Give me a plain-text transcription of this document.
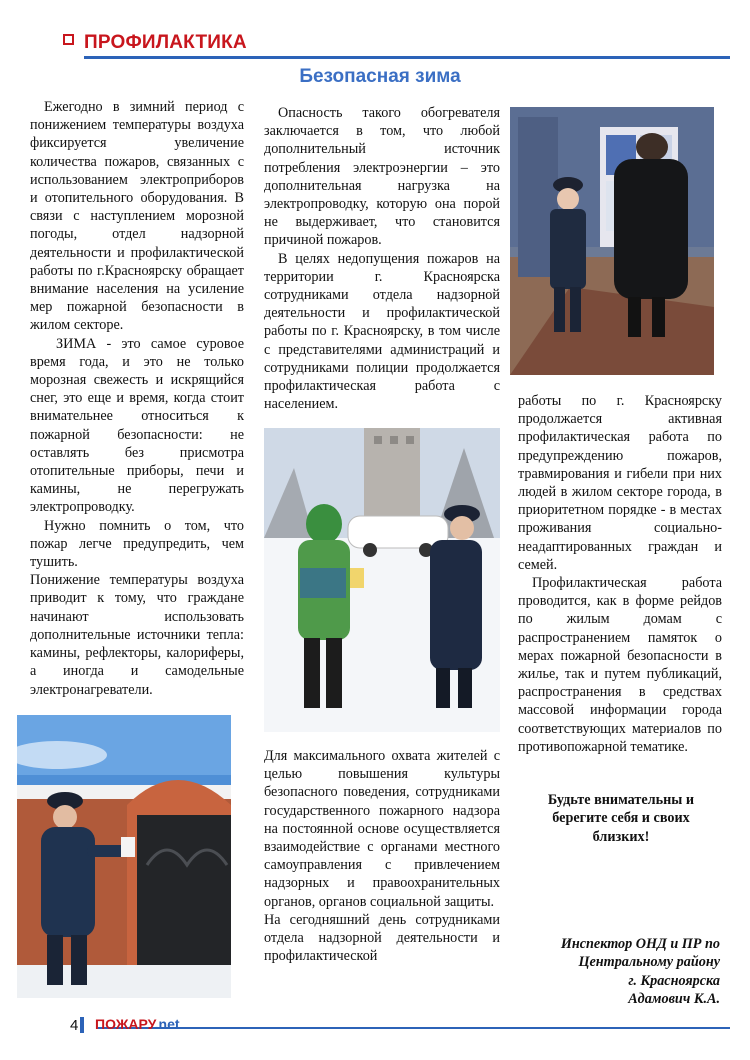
ПРОФИЛАКТИКА
Безопасная зима

Ежегодно в зимний период с понижением температуры воздуха фиксируется увеличение количества пожаров, связанных с использованием электроприборов и отопительного оборудования. В связи с наступлением морозной погоды, отдел надзорной деятельности и профилактической работы по г.Красноярску обращает внимание населения на усиление мер пожарной безопасности в жилом секторе.

ЗИМА - это самое суровое время года, и это не только морозная свежесть и искрящийся снег, это еще и время, когда стоит внимательнее относиться к пожарной безопасности: не оставлять без присмотра отопительные приборы, печи и камины, не перегружать электропроводку.

Нужно помнить о том, что пожар легче предупредить, чем тушить.

Понижение температуры воздуха приводит к тому, что граждане начинают использовать дополнительные источники тепла: камины, рефлекторы, калориферы, а иногда и самодельные электронагреватели.

Опасность такого обогревателя заключается в том, что любой дополнительный источник потребления электроэнергии – это дополнительная нагрузка на электропроводку, которую она порой не выдерживает, что становится причиной пожаров.

В целях недопущения пожаров на территории г. Красноярска сотрудниками отдела надзорной деятельности и профилактической работы по г. Красноярску, в том числе с представителями администраций и сотрудниками полиции продолжается профилактическая работа с населением.

Для максимального охвата жителей с целью повышения культуры безопасного поведения, сотрудниками государственного пожарного надзора на постоянной основе осуществляется взаимодействие с органами местного самоуправления с привлечением надзорных и правоохранительных органов, органов социальной защиты.

На сегодняшний день сотрудниками отдела надзорной деятельности и профилактической

работы по г. Красноярску продолжается активная профилактическая работа по предупреждению пожаров, травмирования и гибели при них людей в жилом секторе города, в приоритетном порядке - в местах проживания социально-неадаптированных граждан и семей.

Профилактическая работа проводится, как в форме рейдов по жилым домам с распространением памяток о мерах пожарной безопасности в жилье, так и путем публикаций, распространения в средствах массовой информации города соответствующих материалов по противопожарной тематике.

Будьте внимательны и берегите себя и своих близких!
Инспектор ОНД и ПР по
Центральному району
г. Красноярска
Адамович К.А.
4 ПОЖАРУ.net
